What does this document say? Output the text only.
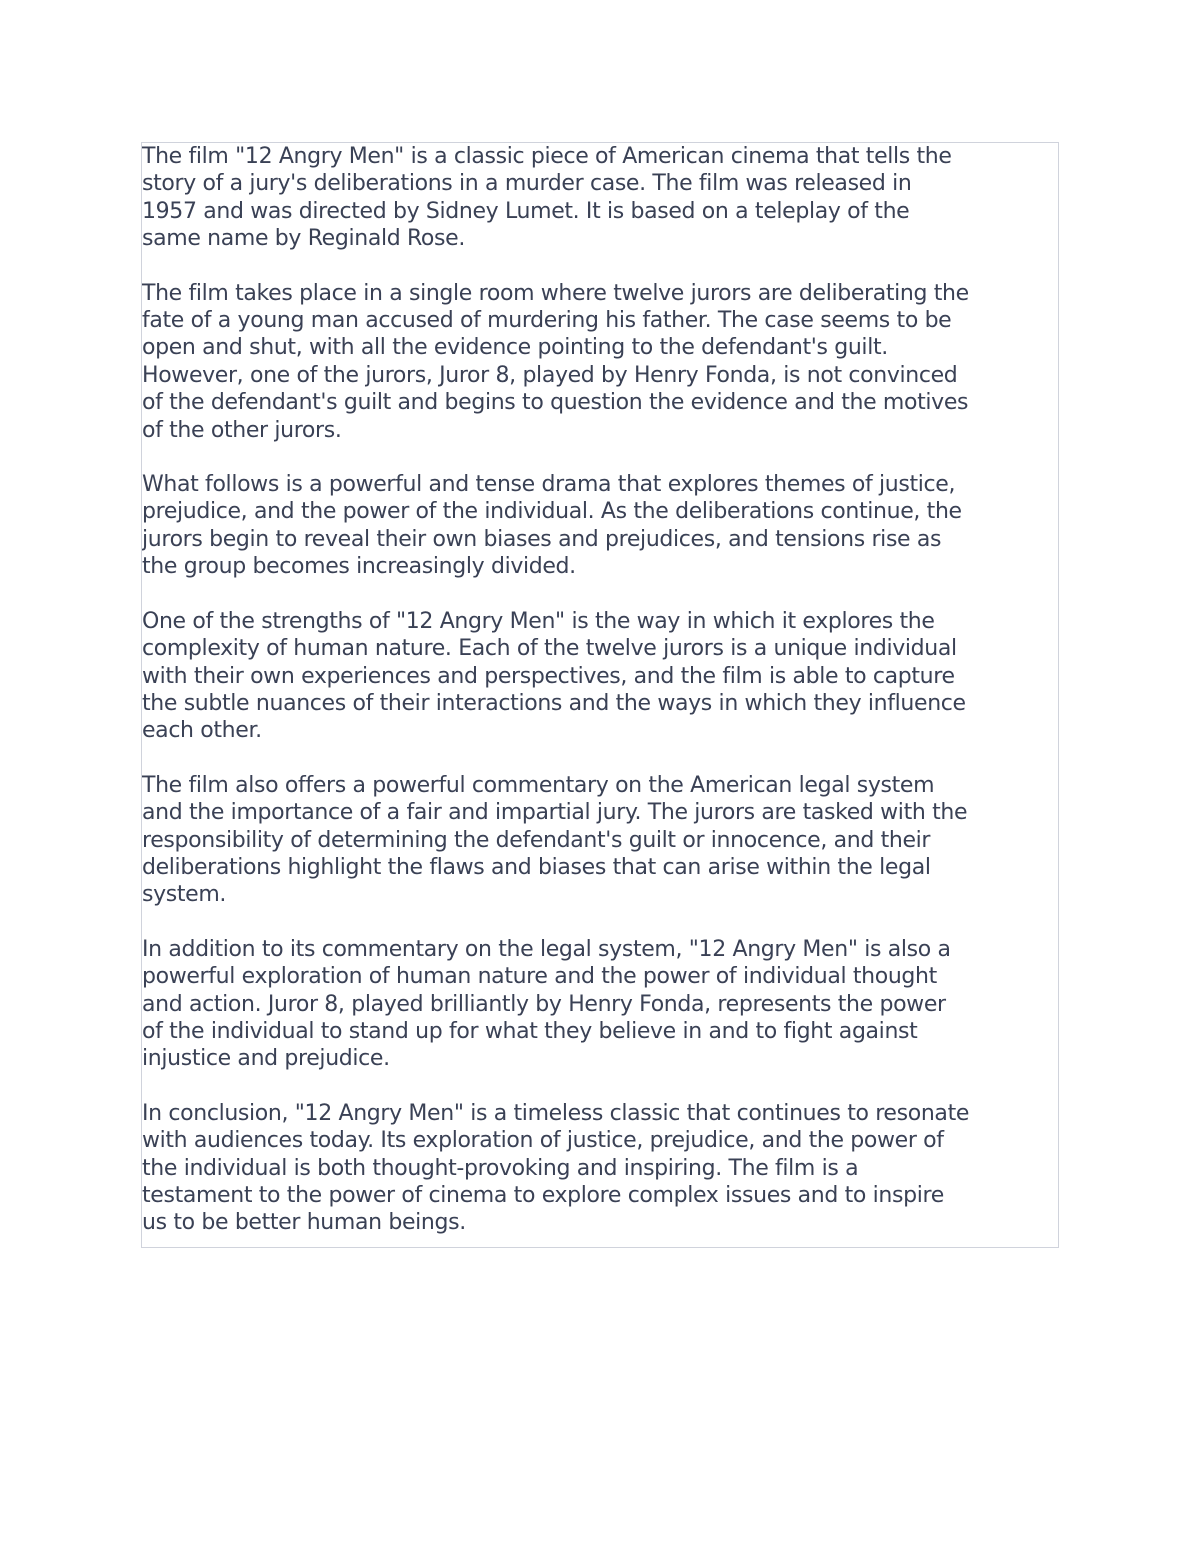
The film "12 Angry Men" is a classic piece of American cinema that tells the
story of a jury's deliberations in a murder case. The film was released in
1957 and was directed by Sidney Lumet. It is based on a teleplay of the
same name by Reginald Rose.

The film takes place in a single room where twelve jurors are deliberating the
fate of a young man accused of murdering his father. The case seems to be
open and shut, with all the evidence pointing to the defendant's guilt.
However, one of the jurors, Juror 8, played by Henry Fonda, is not convinced
of the defendant's guilt and begins to question the evidence and the motives
of the other jurors.

What follows is a powerful and tense drama that explores themes of justice,
prejudice, and the power of the individual. As the deliberations continue, the
jurors begin to reveal their own biases and prejudices, and tensions rise as
the group becomes increasingly divided.

One of the strengths of "12 Angry Men" is the way in which it explores the
complexity of human nature. Each of the twelve jurors is a unique individual
with their own experiences and perspectives, and the film is able to capture
the subtle nuances of their interactions and the ways in which they influence
each other.

The film also offers a powerful commentary on the American legal system
and the importance of a fair and impartial jury. The jurors are tasked with the
responsibility of determining the defendant's guilt or innocence, and their
deliberations highlight the flaws and biases that can arise within the legal
system.

In addition to its commentary on the legal system, "12 Angry Men" is also a
powerful exploration of human nature and the power of individual thought
and action. Juror 8, played brilliantly by Henry Fonda, represents the power
of the individual to stand up for what they believe in and to fight against
injustice and prejudice.

In conclusion, "12 Angry Men" is a timeless classic that continues to resonate
with audiences today. Its exploration of justice, prejudice, and the power of
the individual is both thought-provoking and inspiring. The film is a
testament to the power of cinema to explore complex issues and to inspire
us to be better human beings.
